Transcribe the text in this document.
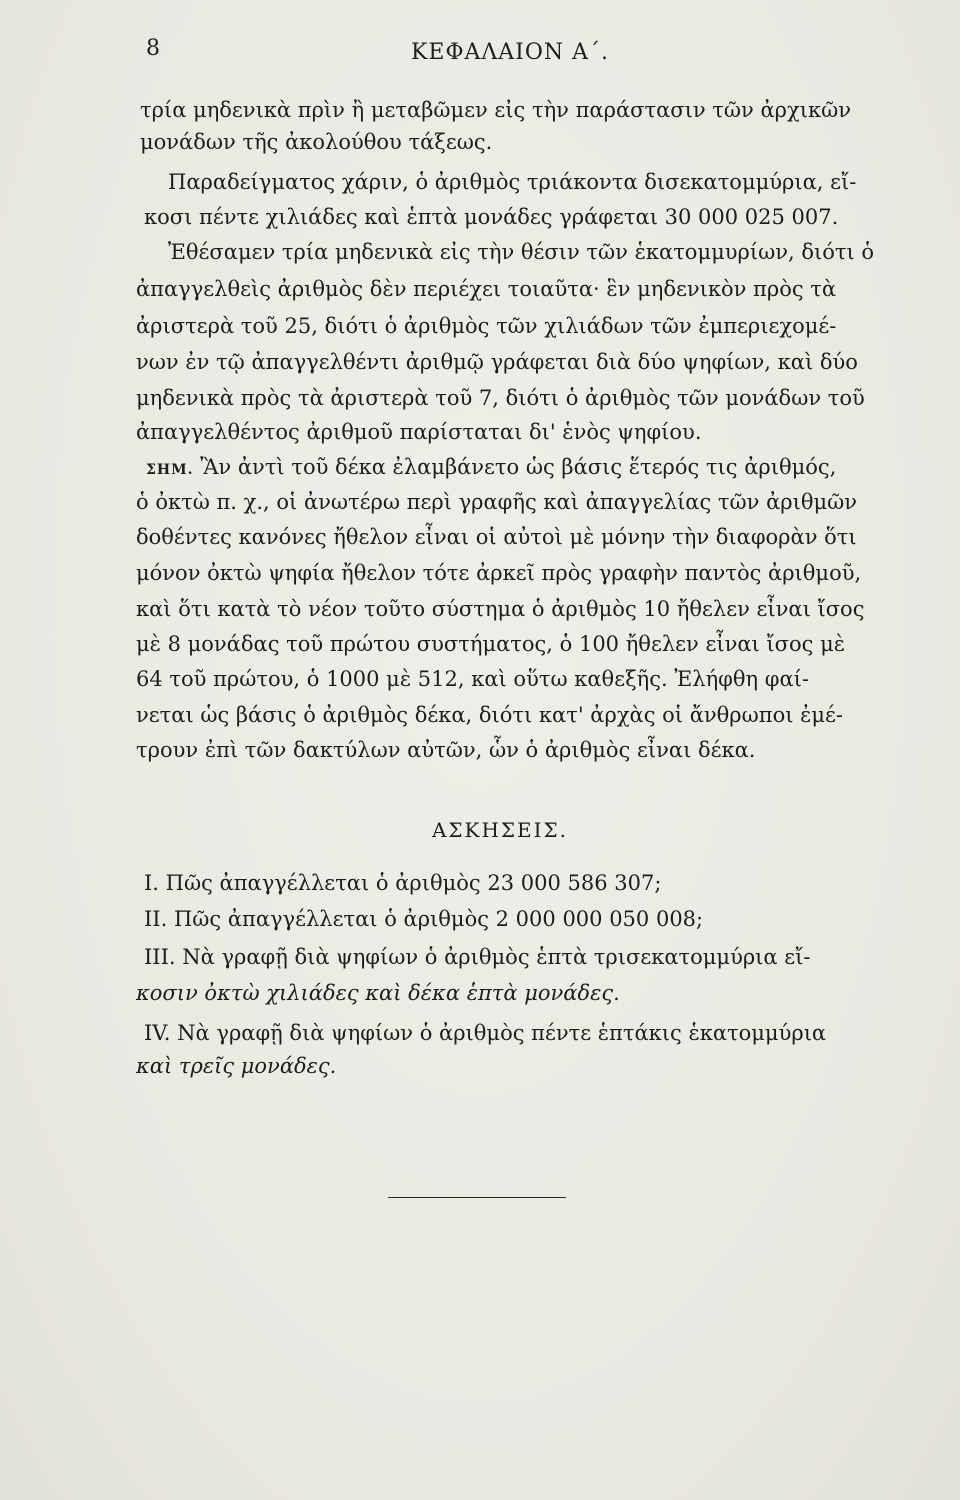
8	ΚΕΦΑΛΑΙΟΝ Α΄.
τρία μηδενικὰ πρὶν ἢ μεταβῶμεν εἰς τὴν παράστασιν τῶν ἀρχικῶν
μονάδων τῆς ἀκολούθου τάξεως.
Παραδείγματος χάριν, ὁ ἀριθμὸς τριάκοντα δισεκατομμύρια, εἴ-
κοσι πέντε χιλιάδες καὶ ἑπτὰ μονάδες γράφεται 30 000 025 007.
Ἐθέσαμεν τρία μηδενικὰ εἰς τὴν θέσιν τῶν ἑκατομμυρίων, διότι ὁ
ἀπαγγελθεὶς ἀριθμὸς δὲν περιέχει τοιαῦτα· ἓν μηδενικὸν πρὸς τὰ
ἀριστερὰ τοῦ 25, διότι ὁ ἀριθμὸς τῶν χιλιάδων τῶν ἐμπεριεχομέ-
νων ἐν τῷ ἀπαγγελθέντι ἀριθμῷ γράφεται διὰ δύο ψηφίων, καὶ δύο
μηδενικὰ πρὸς τὰ ἀριστερὰ τοῦ 7, διότι ὁ ἀριθμὸς τῶν μονάδων τοῦ
ἀπαγγελθέντος ἀριθμοῦ παρίσταται δι' ἑνὸς ψηφίου.
ΣΗΜ. Ἂν ἀντὶ τοῦ δέκα ἐλαμβάνετο ὡς βάσις ἕτερός τις ἀριθμός,
ὁ ὀκτὼ π. χ., οἱ ἀνωτέρω περὶ γραφῆς καὶ ἀπαγγελίας τῶν ἀριθμῶν
δοθέντες κανόνες ἤθελον εἶναι οἱ αὐτοὶ μὲ μόνην τὴν διαφορὰν ὅτι
μόνον ὀκτὼ ψηφία ἤθελον τότε ἀρκεῖ πρὸς γραφὴν παντὸς ἀριθμοῦ,
καὶ ὅτι κατὰ τὸ νέον τοῦτο σύστημα ὁ ἀριθμὸς 10 ἤθελεν εἶναι ἴσος
μὲ 8 μονάδας τοῦ πρώτου συστήματος, ὁ 100 ἤθελεν εἶναι ἴσος μὲ
64 τοῦ πρώτου, ὁ 1000 μὲ 512, καὶ οὕτω καθεξῆς. Ἐλήφθη φαί-
νεται ὡς βάσις ὁ ἀριθμὸς δέκα, διότι κατ' ἀρχὰς οἱ ἄνθρωποι ἐμέ-
τρουν ἐπὶ τῶν δακτύλων αὐτῶν, ὧν ὁ ἀριθμὸς εἶναι δέκα.
ΑΣΚΗΣΕΙΣ.
I. Πῶς ἀπαγγέλλεται ὁ ἀριθμὸς 23 000 586 307;
II. Πῶς ἀπαγγέλλεται ὁ ἀριθμὸς 2 000 000 050 008;
III. Νὰ γραφῇ διὰ ψηφίων ὁ ἀριθμὸς ἑπτὰ τρισεκατομμύρια εἴ-
κοσιν ὀκτὼ χιλιάδες καὶ δέκα ἑπτὰ μονάδες.
IV. Νὰ γραφῇ διὰ ψηφίων ὁ ἀριθμὸς πέντε ἑπτάκις ἑκατομμύρια
καὶ τρεῖς μονάδες.
